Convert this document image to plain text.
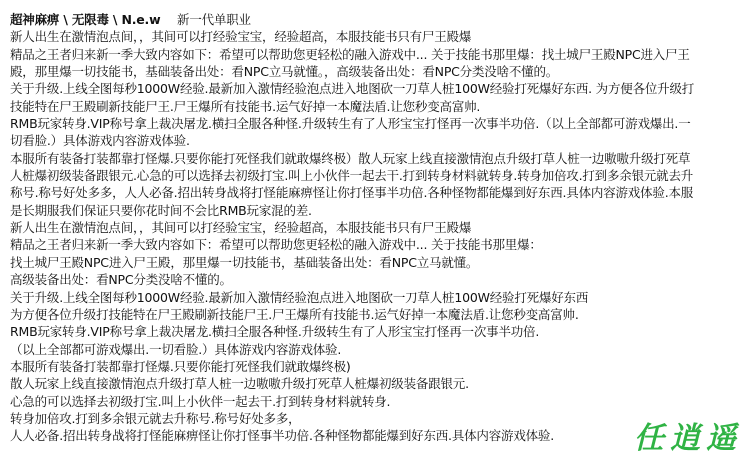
超神麻痹 \ 无限毒 \ N.e.w 新一代单职业
新人出生在激情泡点间，，其间可以打经验宝宝，经验超高，本服技能书只有尸王殿爆
精品之王者归来新一季大致内容如下：希望可以帮助您更轻松的融入游戏中... 关于技能书那里爆：找土城尸王殿NPC进入尸王
殿，那里爆一切技能书，基础装备出处：看NPC立马就懂。，高级装备出处：看NPC分类没啥不懂的。
关于升级.上线全图每秒1000W经验.最新加入激情经验泡点进入地图砍一刀草人桩100W经验打死爆好东西. 为方便各位升级打
技能特在尸王殿刷新技能尸王.尸王爆所有技能书.运气好掉一本魔法盾.让您秒变高富帅.
RMB玩家转身.VIP称号拿上裁决屠龙.横扫全服各种怪.升级转生有了人形宝宝打怪再一次事半功倍.（以上全部都可游戏爆出.一
切看脸.）具体游戏内容游戏体验.
本服所有装备打装都靠打怪爆.只要你能打死怪我们就敢爆终极）散人玩家上线直接激情泡点升级打草人桩一边嗷嗷升级打死草
人桩爆初级装备跟银元.心急的可以选择去初级打宝.叫上小伙伴一起去干.打到转身材料就转身.转身加倍攻.打到多余银元就去升
称号.称号好处多多，人人必备.招出转身战将打怪能麻痹怪让你打怪事半功倍.各种怪物都能爆到好东西.具体内容游戏体验.本服
是长期服我们保证只要你花时间不会比RMB玩家混的差.
新人出生在激情泡点间，，其间可以打经验宝宝，经验超高，本服技能书只有尸王殿爆
精品之王者归来新一季大致内容如下：希望可以帮助您更轻松的融入游戏中... 关于技能书那里爆：
找土城尸王殿NPC进入尸王殿，那里爆一切技能书，基础装备出处：看NPC立马就懂。
高级装备出处：看NPC分类没啥不懂的。
关于升级.上线全图每秒1000W经验.最新加入激情经验泡点进入地图砍一刀草人桩100W经验打死爆好东西
为方便各位升级打技能特在尸王殿刷新技能尸王.尸王爆所有技能书.运气好掉一本魔法盾.让您秒变高富帅.
RMB玩家转身.VIP称号拿上裁决屠龙.横扫全服各种怪.升级转生有了人形宝宝打怪再一次事半功倍.
（以上全部都可游戏爆出.一切看脸.）具体游戏内容游戏体验.
本服所有装备打装都靠打怪爆.只要你能打死怪我们就敢爆终极)
散人玩家上线直接激情泡点升级打草人桩一边嗷嗷升级打死草人桩爆初级装备跟银元.
心急的可以选择去初级打宝.叫上小伙伴一起去干.打到转身材料就转身.
转身加倍攻.打到多余银元就去升称号.称号好处多多，
人人必备.招出转身战将打怪能麻痹怪让你打怪事半功倍.各种怪物都能爆到好东西.具体内容游戏体验.	任逍遥
